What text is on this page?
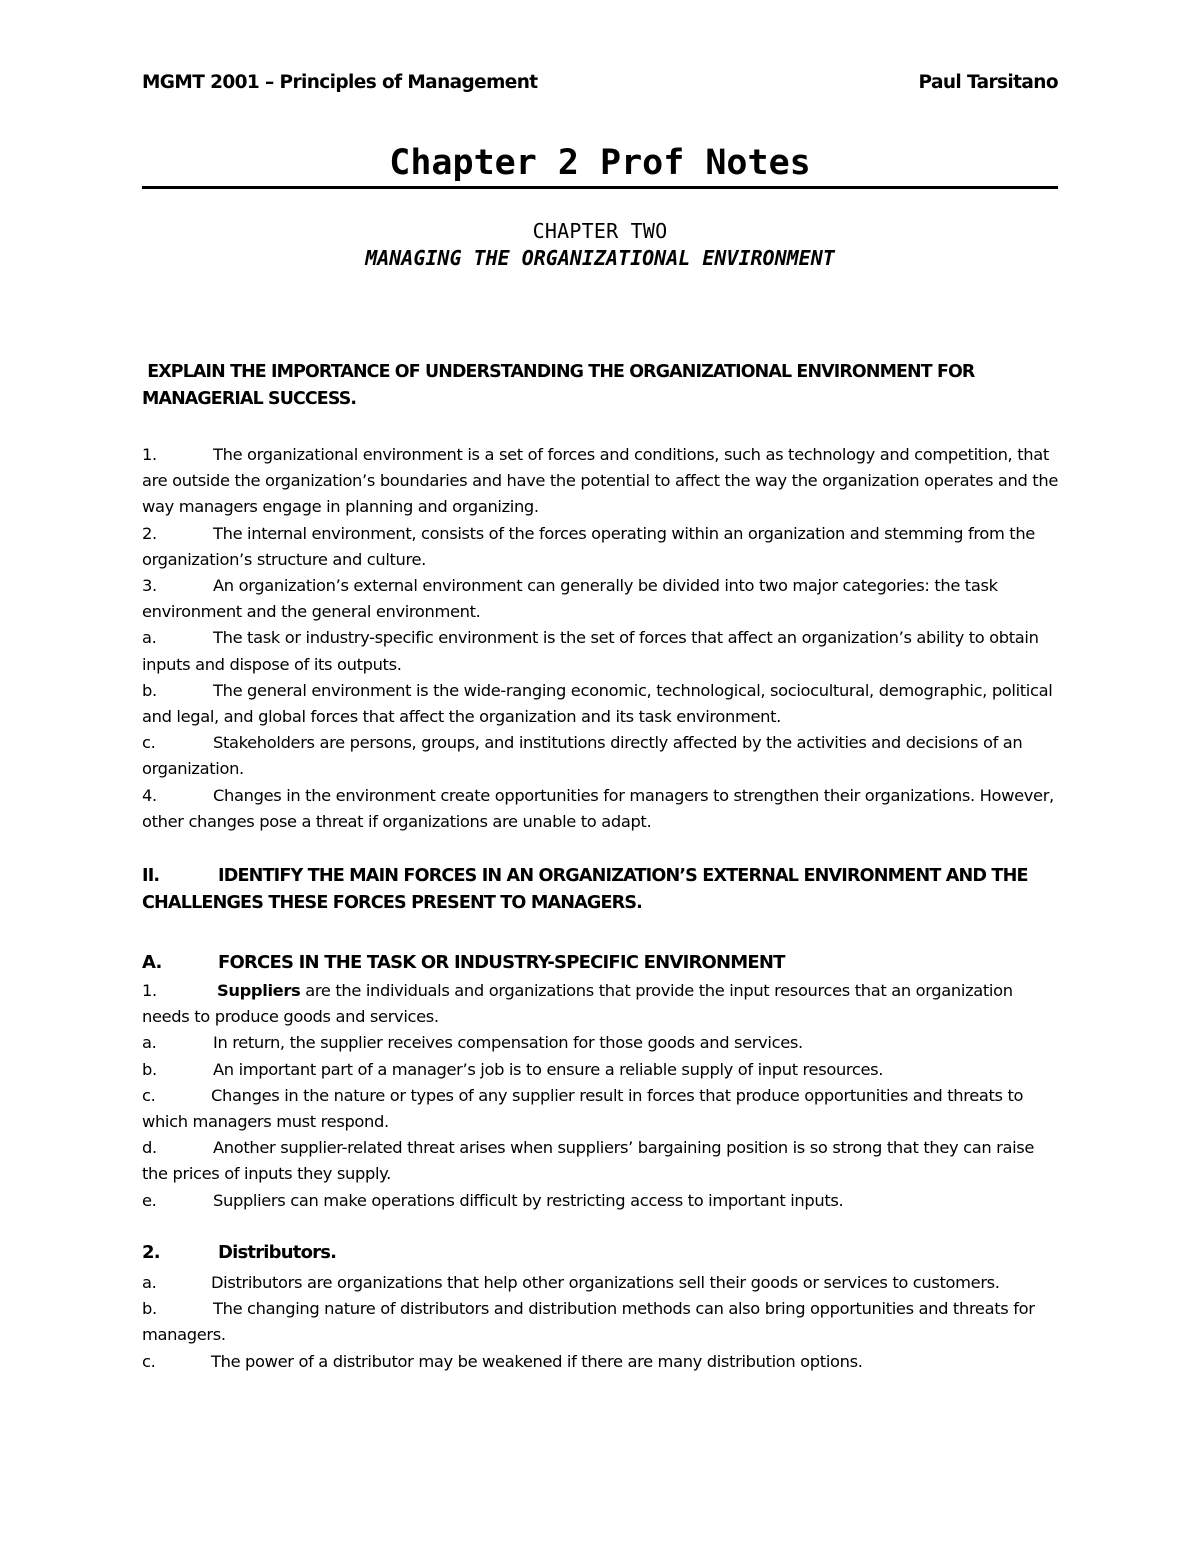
MGMT 2001 – Principles of Management	Paul Tarsitano
Chapter 2 Prof Notes
CHAPTER TWO
MANAGING THE ORGANIZATIONAL ENVIRONMENT
EXPLAIN THE IMPORTANCE OF UNDERSTANDING THE ORGANIZATIONAL ENVIRONMENT FOR MANAGERIAL SUCCESS.
1.	The organizational environment is a set of forces and conditions, such as technology and competition, that are outside the organization’s boundaries and have the potential to affect the way the organization operates and the way managers engage in planning and organizing.
2.	The internal environment, consists of the forces operating within an organization and stemming from the organization’s structure and culture.
3.	An organization’s external environment can generally be divided into two major categories: the task environment and the general environment.
a.	The task or industry-specific environment is the set of forces that affect an organization’s ability to obtain inputs and dispose of its outputs.
b.	The general environment is the wide-ranging economic, technological, sociocultural, demographic, political and legal, and global forces that affect the organization and its task environment.
c.	Stakeholders are persons, groups, and institutions directly affected by the activities and decisions of an organization.
4.	Changes in the environment create opportunities for managers to strengthen their organizations. However, other changes pose a threat if organizations are unable to adapt.
II.	IDENTIFY THE MAIN FORCES IN AN ORGANIZATION’S EXTERNAL ENVIRONMENT AND THE CHALLENGES THESE FORCES PRESENT TO MANAGERS.
A.	FORCES IN THE TASK OR INDUSTRY-SPECIFIC ENVIRONMENT
1.	Suppliers are the individuals and organizations that provide the input resources that an organization needs to produce goods and services.
a.	In return, the supplier receives compensation for those goods and services.
b.	An important part of a manager’s job is to ensure a reliable supply of input resources.
c.	Changes in the nature or types of any supplier result in forces that produce opportunities and threats to which managers must respond.
d.	Another supplier-related threat arises when suppliers’ bargaining position is so strong that they can raise the prices of inputs they supply.
e.	Suppliers can make operations difficult by restricting access to important inputs.
2.	Distributors.
a.	Distributors are organizations that help other organizations sell their goods or services to customers.
b.	The changing nature of distributors and distribution methods can also bring opportunities and threats for managers.
c.	The power of a distributor may be weakened if there are many distribution options.
